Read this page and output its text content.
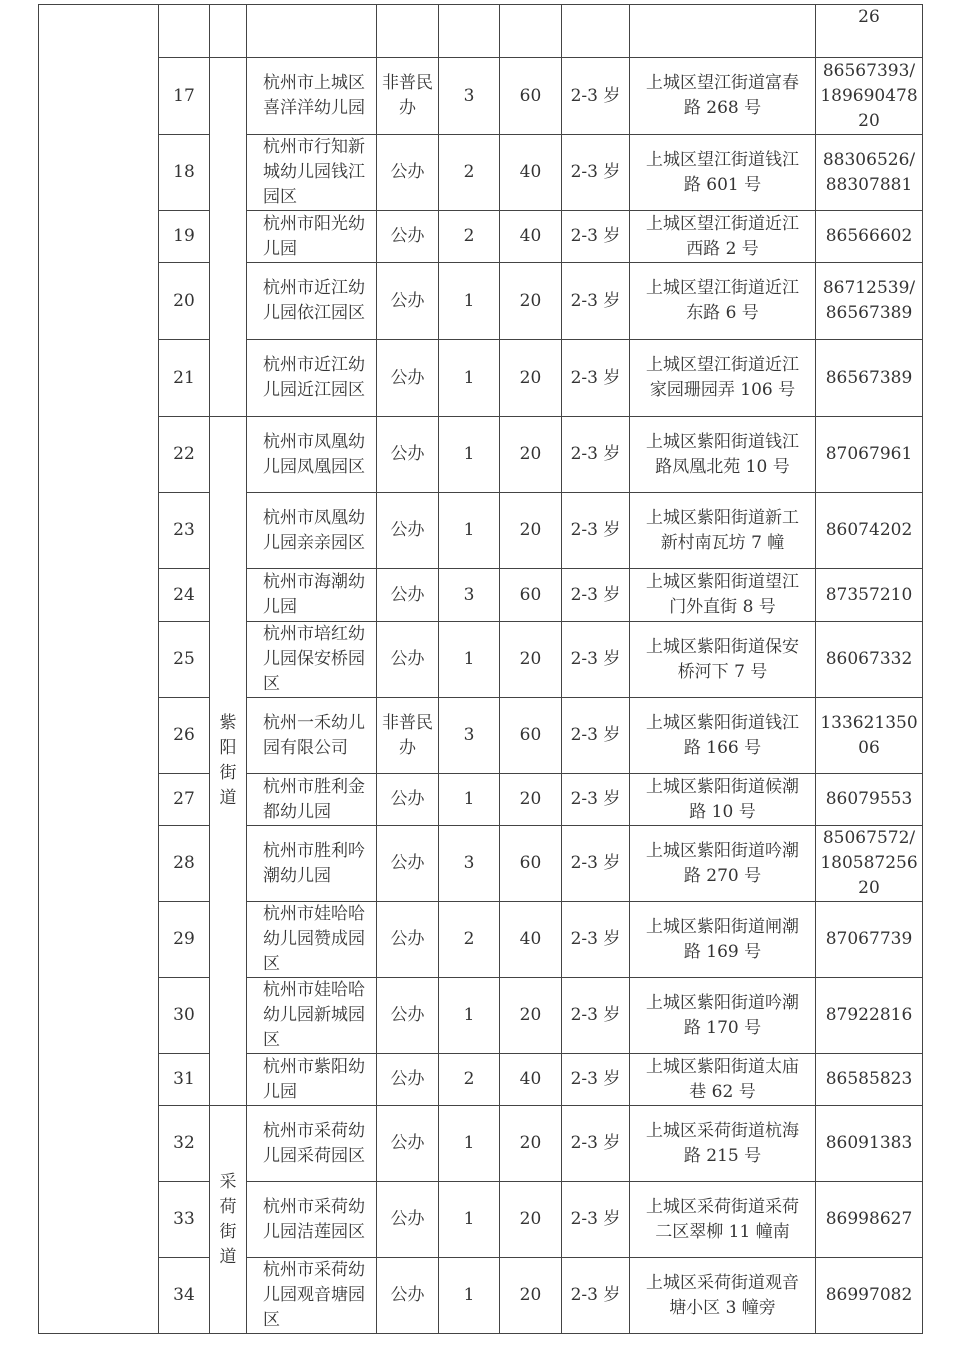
									26
	17		杭州市上城区喜洋洋幼儿园	非普民办	3	60	2-3 岁	上城区望江街道富春路 268 号	86567393/18969047820
	18		杭州市行知新城幼儿园钱江园区	公办	2	40	2-3 岁	上城区望江街道钱江路 601 号	88306526/88307881
	19		杭州市阳光幼儿园	公办	2	40	2-3 岁	上城区望江街道近江西路 2 号	86566602
	20		杭州市近江幼儿园依江园区	公办	1	20	2-3 岁	上城区望江街道近江东路 6 号	86712539/86567389
	21		杭州市近江幼儿园近江园区	公办	1	20	2-3 岁	上城区望江街道近江家园珊园弄 106 号	86567389
	22	紫阳街道	杭州市凤凰幼儿园凤凰园区	公办	1	20	2-3 岁	上城区紫阳街道钱江路凤凰北苑 10 号	87067961
	23		杭州市凤凰幼儿园亲亲园区	公办	1	20	2-3 岁	上城区紫阳街道新工新村南瓦坊 7 幢	86074202
	24		杭州市海潮幼儿园	公办	3	60	2-3 岁	上城区紫阳街道望江门外直街 8 号	87357210
	25		杭州市培红幼儿园保安桥园区	公办	1	20	2-3 岁	上城区紫阳街道保安桥河下 7 号	86067332
	26		杭州一禾幼儿园有限公司	非普民办	3	60	2-3 岁	上城区紫阳街道钱江路 166 号	13362135006
	27		杭州市胜利金都幼儿园	公办	1	20	2-3 岁	上城区紫阳街道候潮路 10 号	86079553
	28		杭州市胜利吟潮幼儿园	公办	3	60	2-3 岁	上城区紫阳街道吟潮路 270 号	85067572/18058725620
	29		杭州市娃哈哈幼儿园赞成园区	公办	2	40	2-3 岁	上城区紫阳街道闸潮路 169 号	87067739
	30		杭州市娃哈哈幼儿园新城园区	公办	1	20	2-3 岁	上城区紫阳街道吟潮路 170 号	87922816
	31		杭州市紫阳幼儿园	公办	2	40	2-3 岁	上城区紫阳街道太庙巷 62 号	86585823
	32	采荷街道	杭州市采荷幼儿园采荷园区	公办	1	20	2-3 岁	上城区采荷街道杭海路 215 号	86091383
	33		杭州市采荷幼儿园洁莲园区	公办	1	20	2-3 岁	上城区采荷街道采荷二区翠柳 11 幢南	86998627
	34		杭州市采荷幼儿园观音塘园区	公办	1	20	2-3 岁	上城区采荷街道观音塘小区 3 幢旁	86997082
